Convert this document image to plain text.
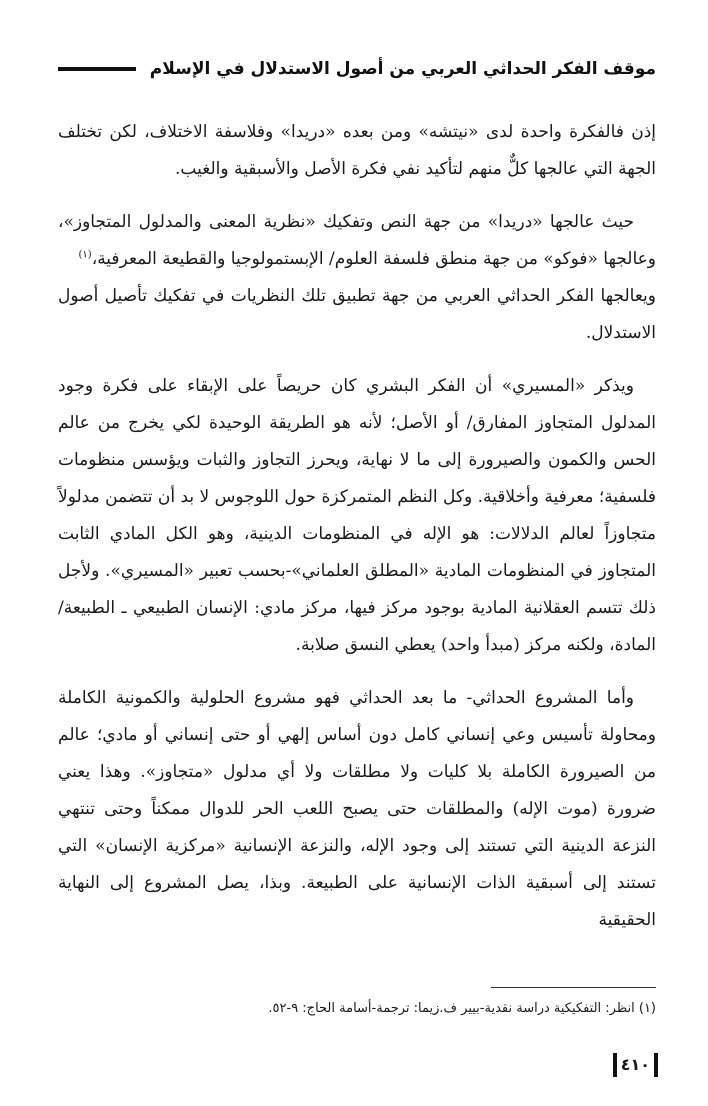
موقف الفكر الحداثي العربي من أصول الاستدلال في الإسلام

إذن فالفكرة واحدة لدى «نيتشه» ومن بعده «دريدا» وفلاسفة الاختلاف، لكن تختلف الجهة التي عالجها كلٌّ منهم لتأكيد نفي فكرة الأصل والأسبقية والغيب.

حيث عالجها «دريدا» من جهة النص وتفكيك «نظرية المعنى والمدلول المتجاوز»، وعالجها «فوكو» من جهة منطق فلسفة العلوم/ الإبستمولوجيا والقطيعة المعرفية،$^{(١)}$

ويعالجها الفكر الحداثي العربي من جهة تطبيق تلك النظريات في تفكيك تأصيل أصول الاستدلال.

ويذكر «المسيري» أن الفكر البشري كان حريصاً على الإبقاء على فكرة وجود المدلول المتجاوز المفارق/ أو الأصل؛ لأنه هو الطريقة الوحيدة لكي يخرج من عالم الحس والكمون والصيرورة إلى ما لا نهاية، ويحرز التجاوز والثبات ويؤسس منظومات فلسفية؛ معرفية وأخلاقية. وكل النظم المتمركزة حول اللوجوس لا بد أن تتضمن مدلولاً متجاوزاً لعالم الدلالات: هو الإله في المنظومات الدينية، وهو الكل المادي الثابت المتجاوز في المنظومات المادية «المطلق العلماني»-بحسب تعبير «المسيري». ولأجل ذلك تتسم العقلانية المادية بوجود مركز فيها، مركز مادي: الإنسان الطبيعي ـ الطبيعة/ المادة، ولكنه مركز (مبدأ واحد) يعطي النسق صلابة.

وأما المشروع الحداثي- ما بعد الحداثي فهو مشروع الحلولية والكمونية الكاملة ومحاولة تأسيس وعي إنساني كامل دون أساس إلهي أو حتى إنساني أو مادي؛ عالم من الصيرورة الكاملة بلا كليات ولا مطلقات ولا أي مدلول «متجاوز». وهذا يعني ضرورة (موت الإله) والمطلقات حتى يصبح اللعب الحر للدوال ممكناً وحتى تنتهي النزعة الدينية التي تستند إلى وجود الإله، والنزعة الإنسانية «مركزية الإنسان» التي تستند إلى أسبقية الذات الإنسانية على الطبيعة. وبذا، يصل المشروع إلى النهاية الحقيقية

(١) انظر: التفكيكية دراسة نقدية-بيير ف.زيما: ترجمة-أسامة الحاج: ٩-٥٢.
٤١٠
